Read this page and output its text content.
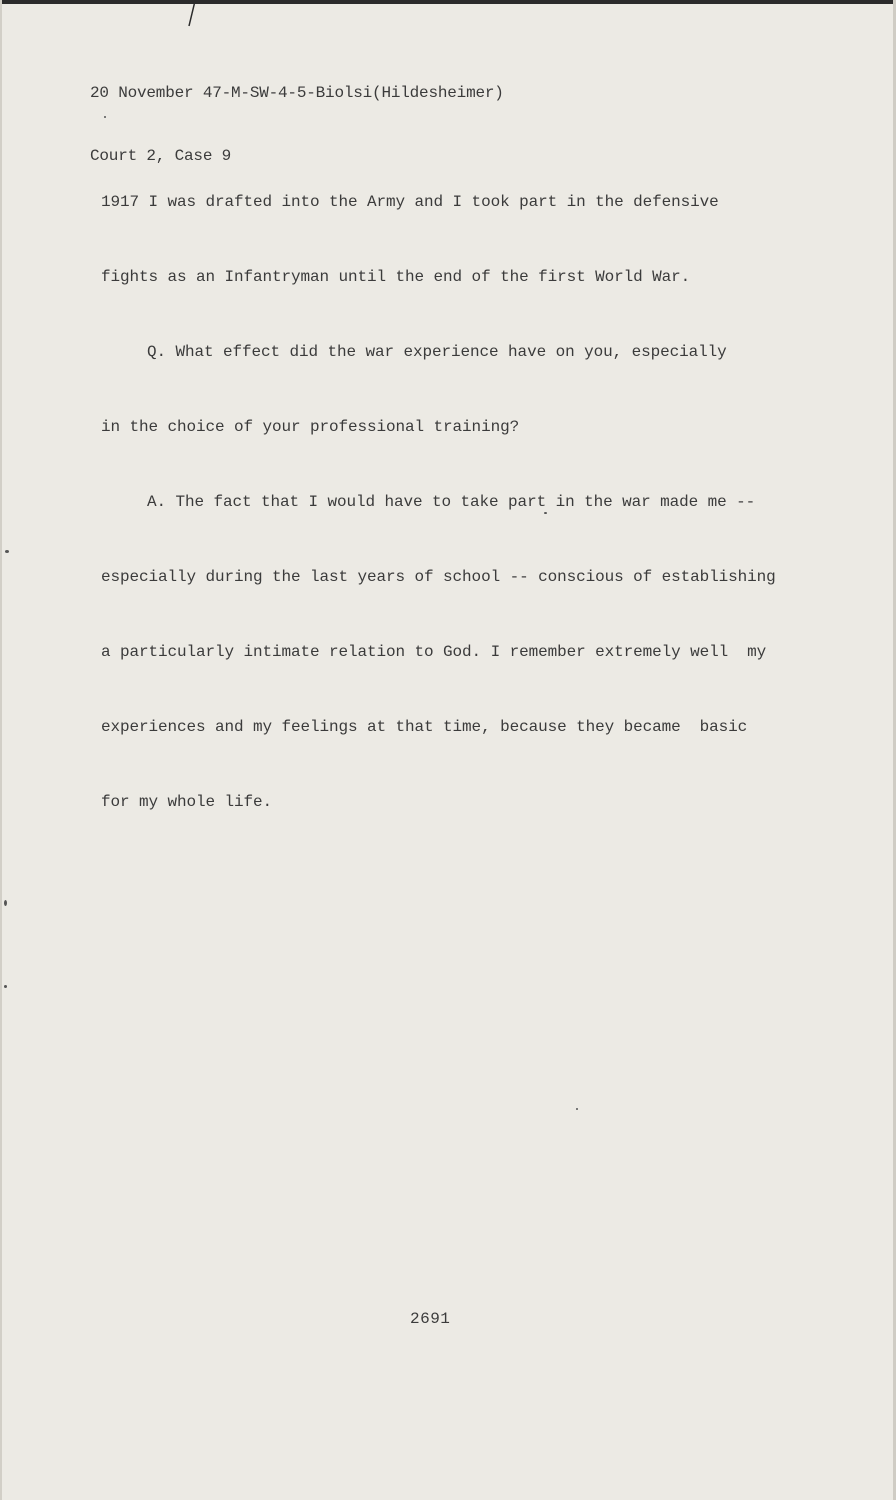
20 November 47-M-SW-4-5-Biolsi(Hildesheimer)

Court 2, Case 9

1917 I was drafted into the Army and I took part in the defensive

fights as an Infantryman until the end of the first World War.

Q. What effect did the war experience have on you, especially

in the choice of your professional training?

A. The fact that I would have to take part in the war made me --

especially during the last years of school -- conscious of establishing

a particularly intimate relation to God. I remember extremely well  my

experiences and my feelings at that time, because they became  basic

for my whole life.

2691
